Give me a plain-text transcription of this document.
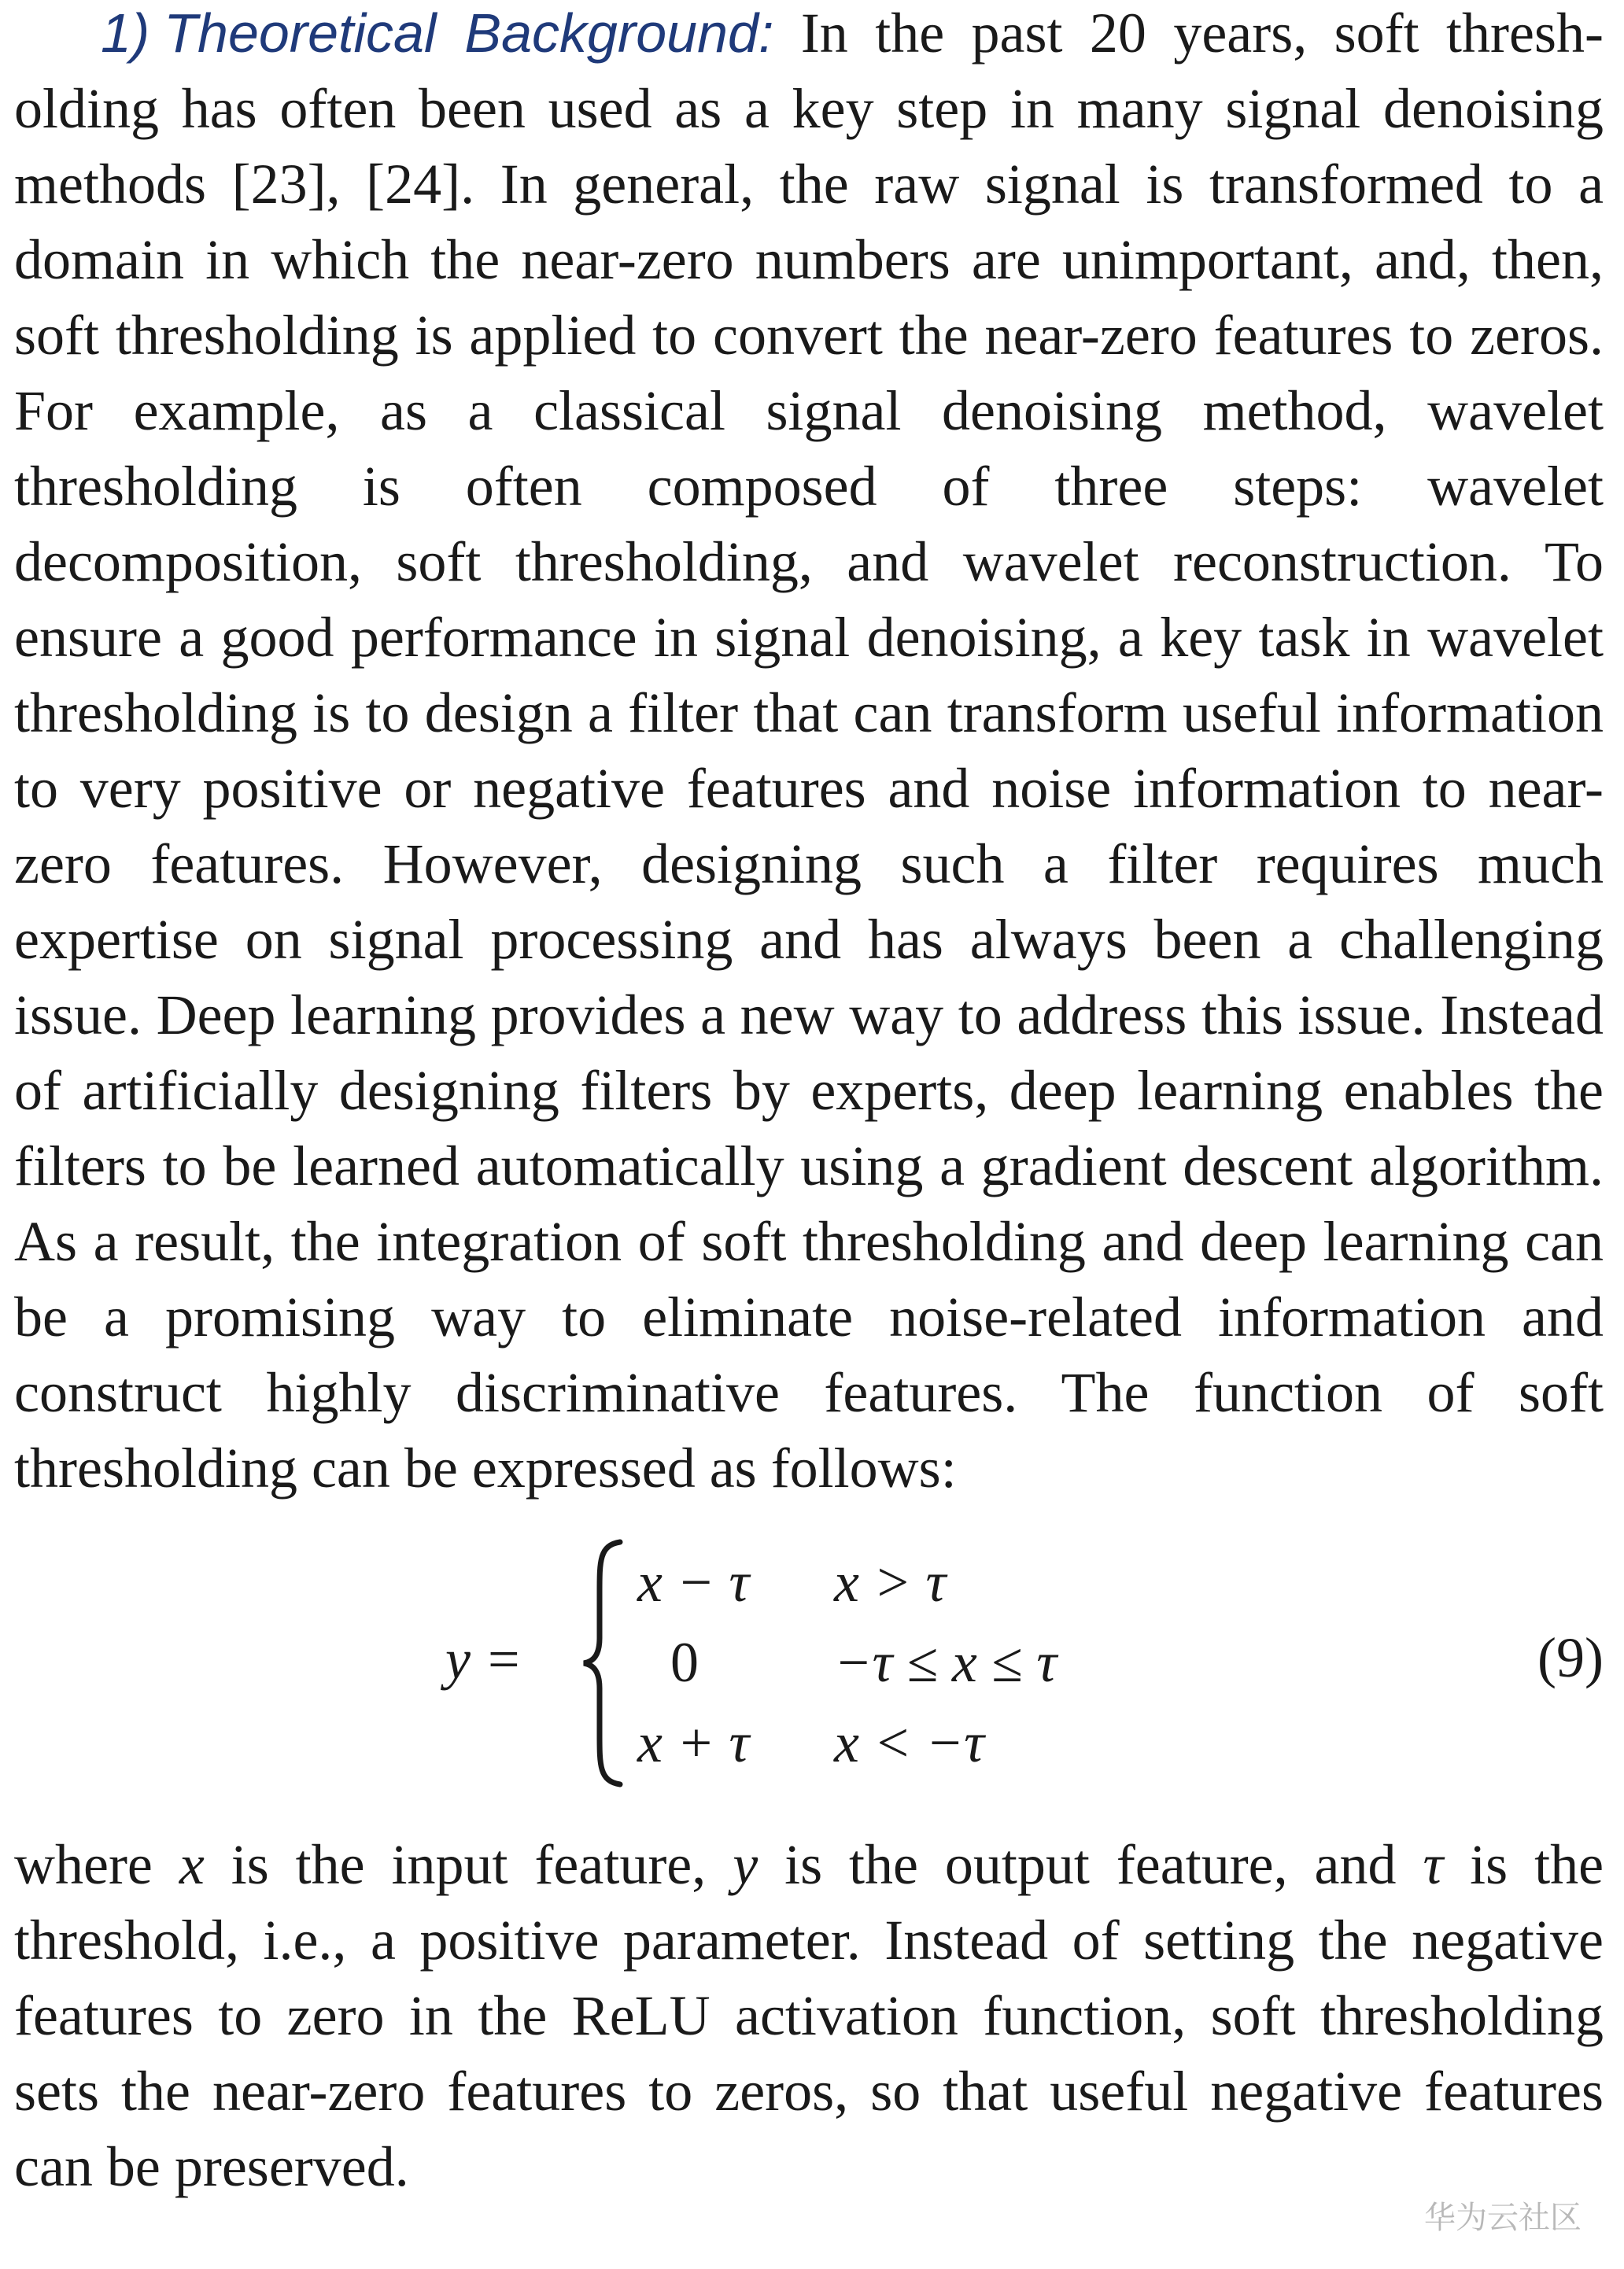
1) Theoretical Background: In the past 20 years, soft thresholding has often been used as a key step in many signal denoising methods [23], [24]. In general, the raw signal is transformed to a domain in which the near-zero numbers are unimportant, and, then, soft thresholding is applied to convert the near-zero features to zeros. For example, as a classical signal denoising method, wavelet thresholding is often composed of three steps: wavelet decomposition, soft thresholding, and wavelet reconstruction. To ensure a good performance in signal denoising, a key task in wavelet thresholding is to design a filter that can transform useful information to very positive or negative features and noise information to near-zero features. However, designing such a filter requires much expertise on signal processing and has always been a challenging issue. Deep learning provides a new way to address this issue. Instead of artificially designing filters by experts, deep learning enables the filters to be learned automatically using a gradient descent algorithm. As a result, the integration of soft thresholding and deep learning can be a promising way to eliminate noise-related information and construct highly discriminative features. The function of soft thresholding can be expressed as follows:

y =
x − τ	x > τ
0	−τ ≤ x ≤ τ
x + τ	x < −τ
(9)

where x is the input feature, y is the output feature, and τ is the threshold, i.e., a positive parameter. Instead of setting the negative features to zero in the ReLU activation function, soft thresholding sets the near-zero features to zeros, so that useful negative features can be preserved.

华为云社区
